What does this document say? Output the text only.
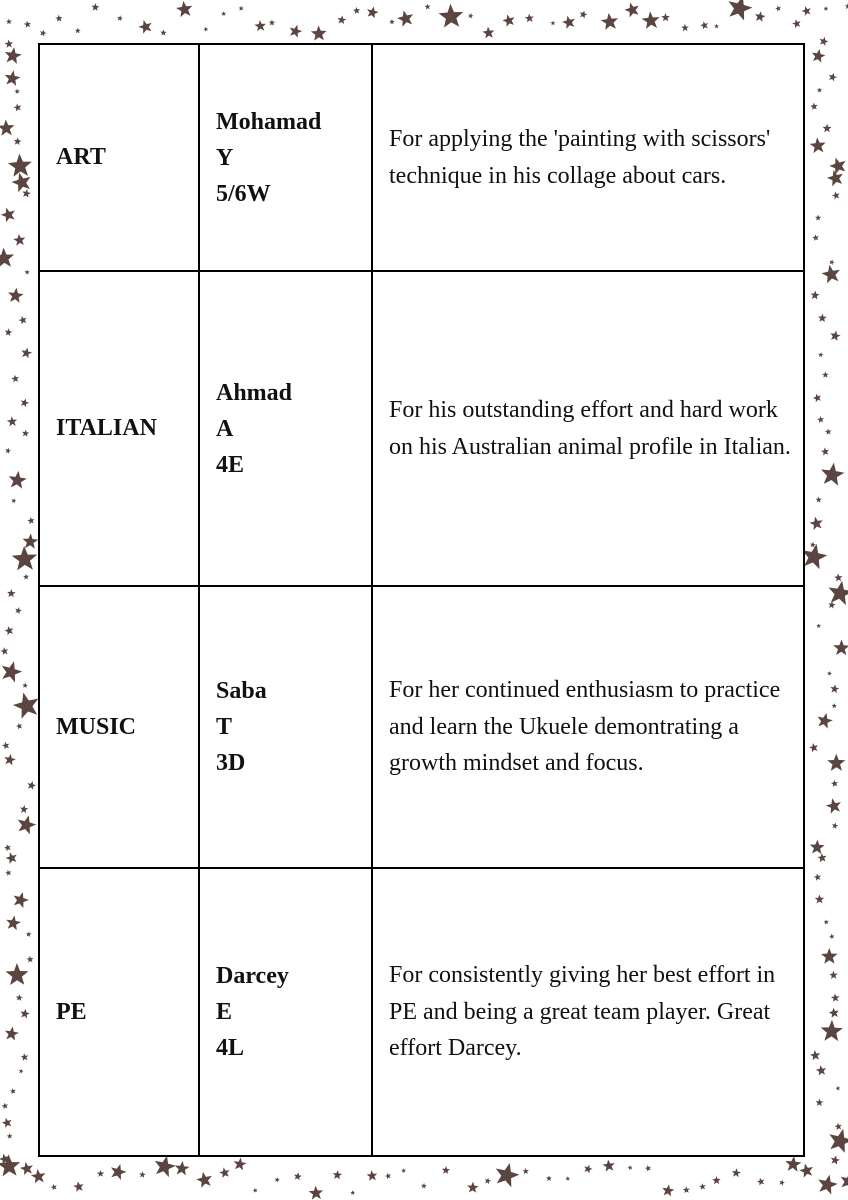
ART	Mohamad
Y
5/6W	For applying the 'painting with scissors' technique in his collage about cars.
ITALIAN	Ahmad
A
4E	For his outstanding effort and hard work on his Australian animal profile in Italian.
MUSIC	Saba
T
3D	For her continued enthusiasm to practice and learn the Ukuele demontrating a growth mindset and focus.
PE	Darcey
E
4L	For consistently giving her best effort in PE and being a great team player. Great effort Darcey.
